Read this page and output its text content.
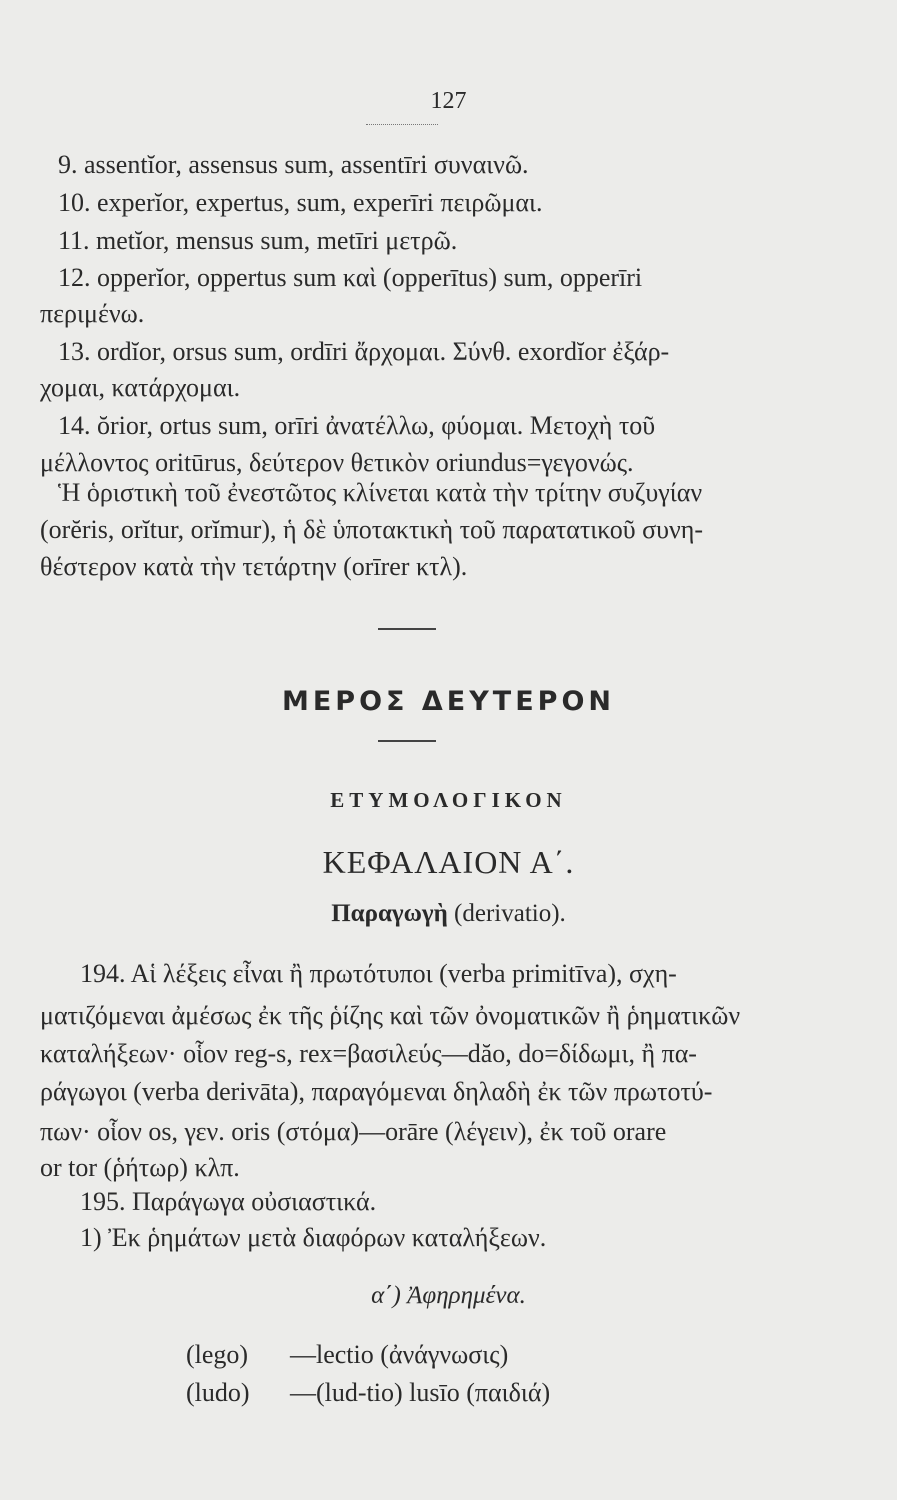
127
9. assentĭor, assensus sum, assentīri συναινῶ.
10. experĭor, expertus, sum, experīri πειρῶμαι.
11. metĭor, mensus sum, metīri μετρῶ.
12. opperĭor, oppertus sum καὶ (opperītus) sum, opperīri
περιμένω.
13. ordĭor, orsus sum, ordīri ἄρχομαι. Σύνθ. exordĭor ἐξάρ-
χομαι, κατάρχομαι.
14. ŏrior, ortus sum, orīri ἀνατέλλω, φύομαι. Μετοχὴ τοῦ
μέλλοντος oritūrus, δεύτερον θετικὸν oriundus=γεγονώς.
Ἡ ὁριστικὴ τοῦ ἐνεστῶτος κλίνεται κατὰ τὴν τρίτην συζυγίαν
(orĕris, orĭtur, orĭmur), ἡ δὲ ὑποτακτικὴ τοῦ παρατατικοῦ συνη-
θέστερον κατὰ τὴν τετάρτην (orīrer κτλ).
ΜΕΡΟΣ ΔΕΥΤΕΡΟΝ
ΕΤΥΜΟΛΟΓΙΚΟΝ
ΚΕΦΑΛΑΙΟΝ Α΄.
Παραγωγὴ (derivatio).
194. Αἱ λέξεις εἶναι ἢ πρωτότυποι (verba primitīva), σχη-
ματιζόμεναι ἀμέσως ἐκ τῆς ῥίζης καὶ τῶν ὀνοματικῶν ἢ ῥηματικῶν
καταλήξεων· οἷον reg-s, rex=βασιλεύς—dăo, do=δίδωμι, ἢ πα-
ράγωγοι (verba derivāta), παραγόμεναι δηλαδὴ ἐκ τῶν πρωτοτύ-
πων· οἷον os, γεν. oris (στόμα)—orāre (λέγειν), ἐκ τοῦ orare
or tor (ῥήτωρ) κλπ.
195. Παράγωγα οὐσιαστικά.
1) Ἐκ ῥημάτων μετὰ διαφόρων καταλήξεων.
α΄) Ἀφηρημένα.
(lego) —lectio (ἀνάγνωσις)
(ludo) —(lud-tio) lusīo (παιδιά)
